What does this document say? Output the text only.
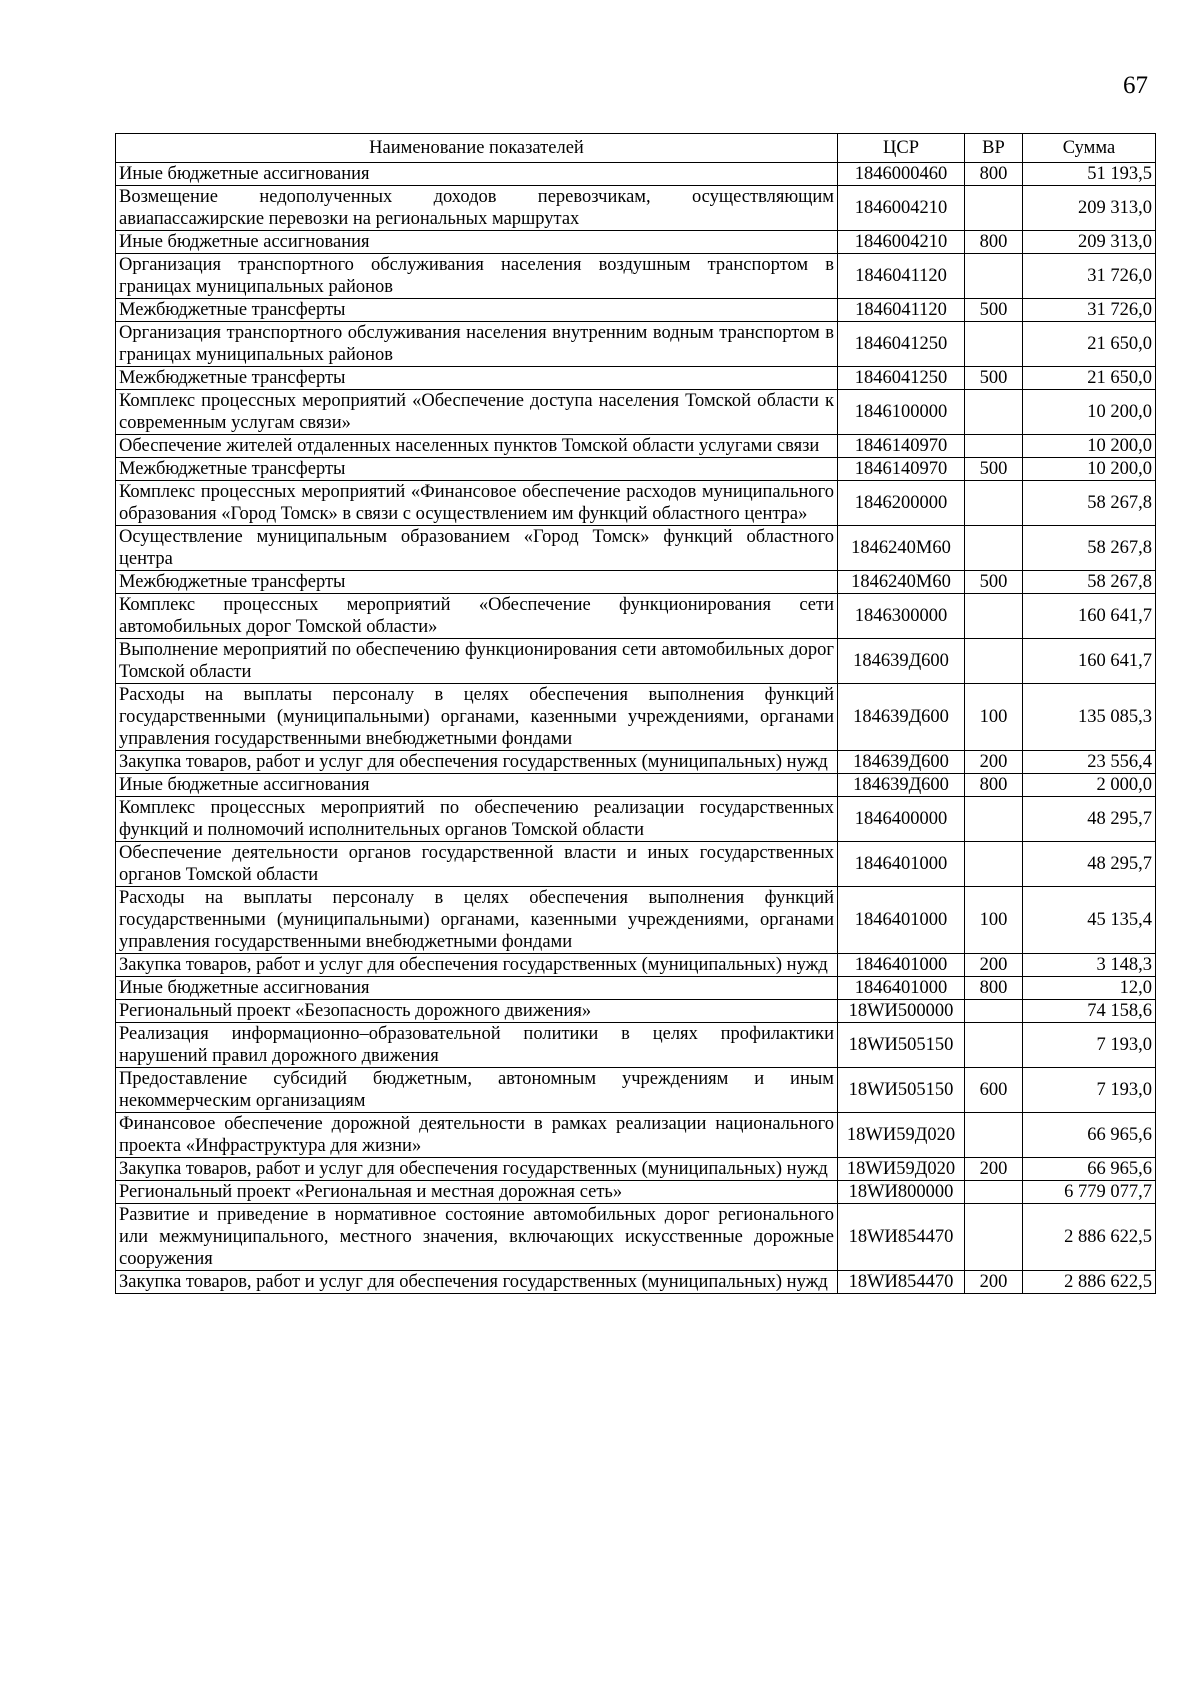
67
Наименование показателей	ЦСР	ВР	Сумма
Иные бюджетные ассигнования	1846000460	800	51 193,5
Возмещение недополученных доходов перевозчикам, осуществляющим авиапассажирские перевозки на региональных маршрутах	1846004210		209 313,0
Иные бюджетные ассигнования	1846004210	800	209 313,0
Организация транспортного обслуживания населения воздушным транспортом в границах муниципальных районов	1846041120		31 726,0
Межбюджетные трансферты	1846041120	500	31 726,0
Организация транспортного обслуживания населения внутренним водным транспортом в границах муниципальных районов	1846041250		21 650,0
Межбюджетные трансферты	1846041250	500	21 650,0
Комплекс процессных мероприятий «Обеспечение доступа населения Томской области к современным услугам связи»	1846100000		10 200,0
Обеспечение жителей отдаленных населенных пунктов Томской области услугами связи	1846140970		10 200,0
Межбюджетные трансферты	1846140970	500	10 200,0
Комплекс процессных мероприятий «Финансовое обеспечение расходов муниципального образования «Город Томск» в связи с осуществлением им функций областного центра»	1846200000		58 267,8
Осуществление муниципальным образованием «Город Томск» функций областного центра	1846240М60		58 267,8
Межбюджетные трансферты	1846240М60	500	58 267,8
Комплекс процессных мероприятий «Обеспечение функционирования сети автомобильных дорог Томской области»	1846300000		160 641,7
Выполнение мероприятий по обеспечению функционирования сети автомобильных дорог Томской области	184639Д600		160 641,7
Расходы на выплаты персоналу в целях обеспечения выполнения функций государственными (муниципальными) органами, казенными учреждениями, органами управления государственными внебюджетными фондами	184639Д600	100	135 085,3
Закупка товаров, работ и услуг для обеспечения государственных (муниципальных) нужд	184639Д600	200	23 556,4
Иные бюджетные ассигнования	184639Д600	800	2 000,0
Комплекс процессных мероприятий по обеспечению реализации государственных функций и полномочий исполнительных органов Томской области	1846400000		48 295,7
Обеспечение деятельности органов государственной власти и иных государственных органов Томской области	1846401000		48 295,7
Расходы на выплаты персоналу в целях обеспечения выполнения функций государственными (муниципальными) органами, казенными учреждениями, органами управления государственными внебюджетными фондами	1846401000	100	45 135,4
Закупка товаров, работ и услуг для обеспечения государственных (муниципальных) нужд	1846401000	200	3 148,3
Иные бюджетные ассигнования	1846401000	800	12,0
Региональный проект «Безопасность дорожного движения»	18WИ500000		74 158,6
Реализация информационно–образовательной политики в целях профилактики нарушений правил дорожного движения	18WИ505150		7 193,0
Предоставление субсидий бюджетным, автономным учреждениям и иным некоммерческим организациям	18WИ505150	600	7 193,0
Финансовое обеспечение дорожной деятельности в рамках реализации национального проекта «Инфраструктура для жизни»	18WИ59Д020		66 965,6
Закупка товаров, работ и услуг для обеспечения государственных (муниципальных) нужд	18WИ59Д020	200	66 965,6
Региональный проект «Региональная и местная дорожная сеть»	18WИ800000		6 779 077,7
Развитие и приведение в нормативное состояние автомобильных дорог регионального или межмуниципального, местного значения, включающих искусственные дорожные сооружения	18WИ854470		2 886 622,5
Закупка товаров, работ и услуг для обеспечения государственных (муниципальных) нужд	18WИ854470	200	2 886 622,5
